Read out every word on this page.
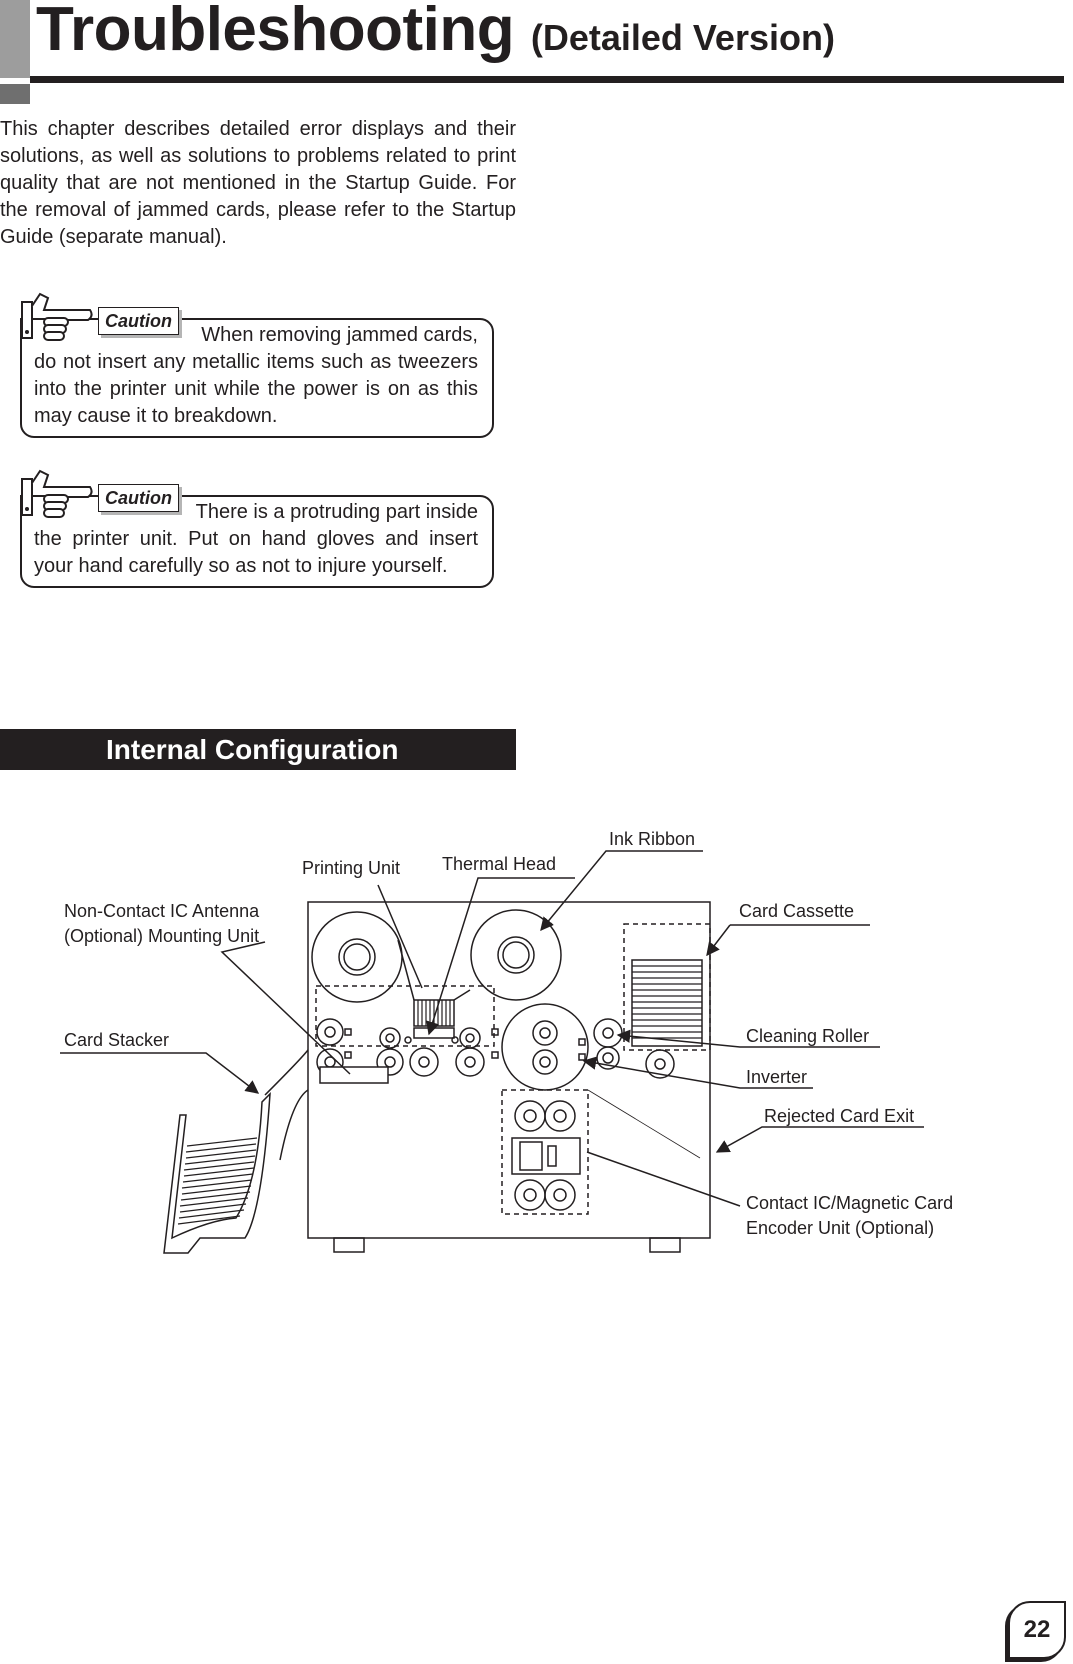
Troubleshooting (Detailed Version)
This chapter describes detailed error displays and their solutions, as well as solutions to problems related to print quality that are not mentioned in the Startup Guide. For the removal of jammed cards, please refer to the Startup Guide (separate manual).
When removing jammed cards,
do not insert any metallic items such as tweezers into the printer unit while the power is on as this may cause it to breakdown.
Caution
There is a protruding part inside
the printer unit. Put on hand gloves and insert your hand carefully so as not to injure yourself.
Caution
Internal Configuration
Ink Ribbon
Printing Unit Thermal Head
Non-Contact IC Antenna
(Optional) Mounting Unit
Card Cassette
Card Stacker	Cleaning Roller
Inverter
Rejected Card Exit
Contact IC/Magnetic Card
Encoder Unit (Optional)
22
